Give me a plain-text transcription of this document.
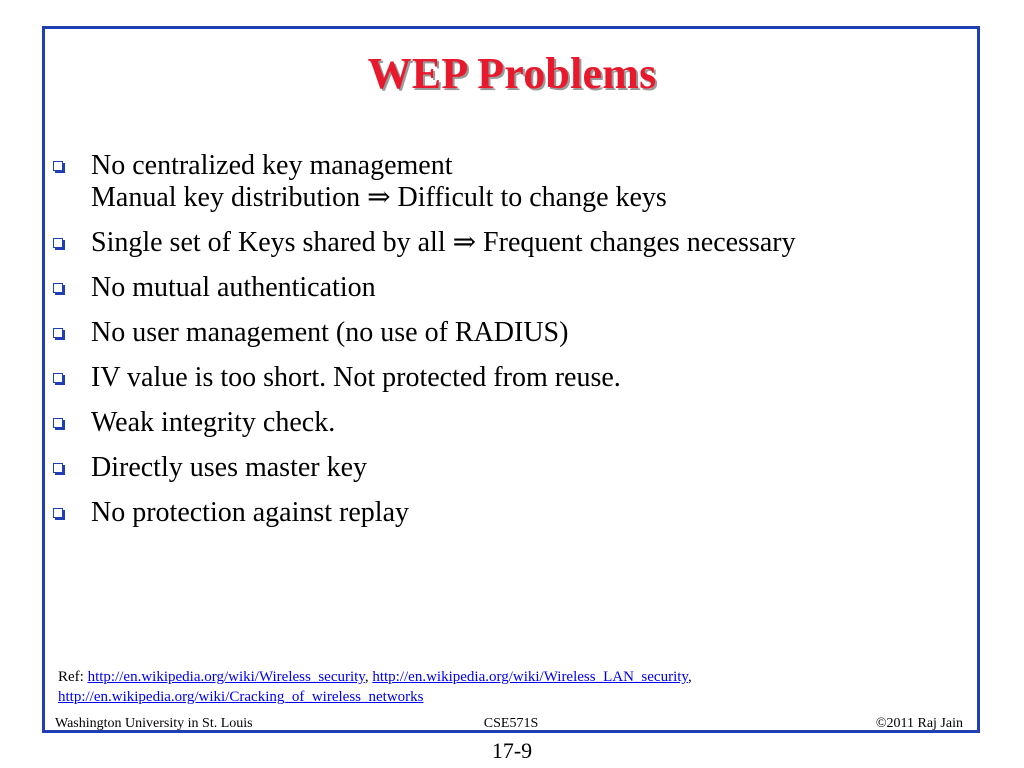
WEP Problems
No centralized key management
Manual key distribution ⇒ Difficult to change keys
Single set of Keys shared by all ⇒ Frequent changes necessary
No mutual authentication
No user management (no use of RADIUS)
IV value is too short. Not protected from reuse.
Weak integrity check.
Directly uses master key
No protection against replay
Ref: http://en.wikipedia.org/wiki/Wireless_security, http://en.wikipedia.org/wiki/Wireless_LAN_security,
http://en.wikipedia.org/wiki/Cracking_of_wireless_networks
Washington University in St. Louis	CSE571S	©2011 Raj Jain
17-9
